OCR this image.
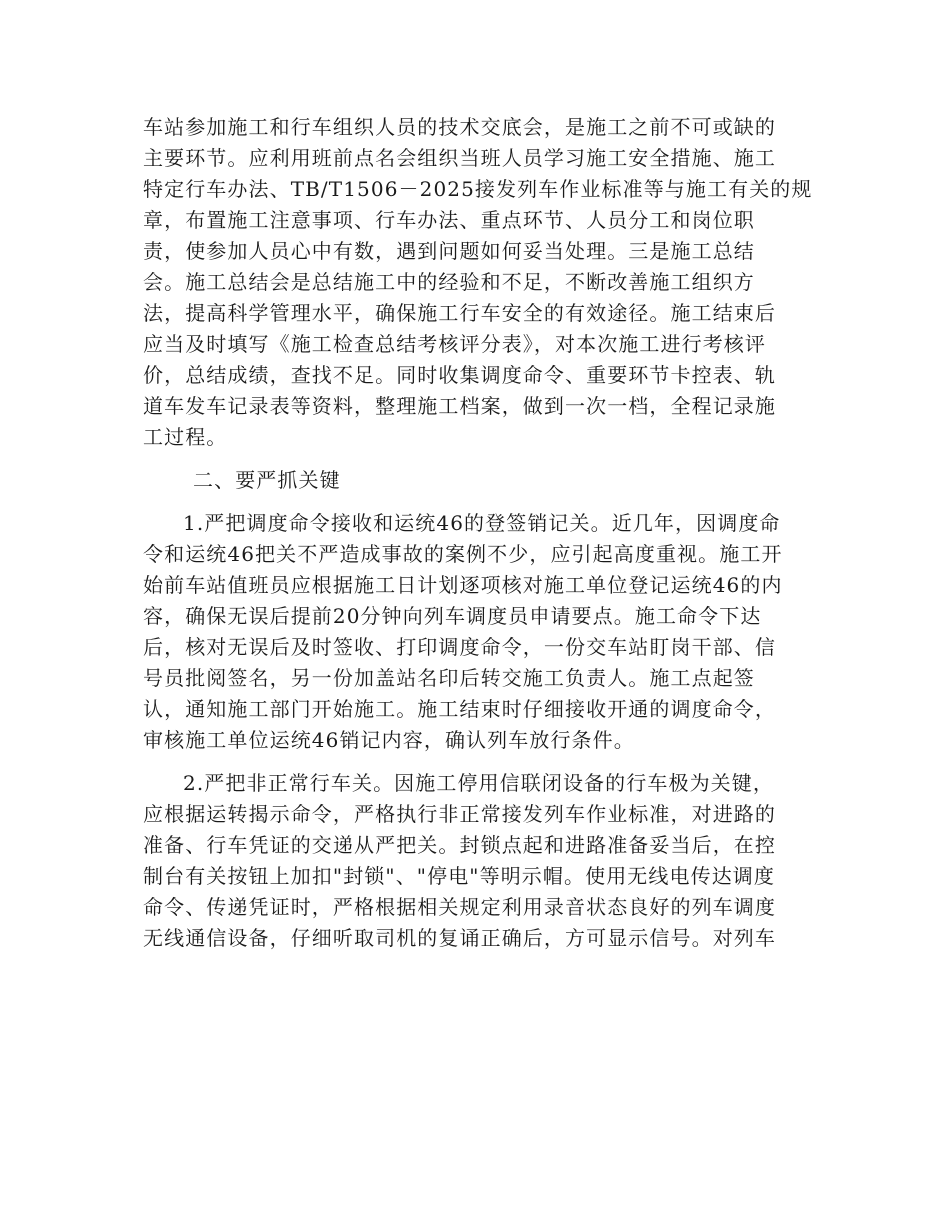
车站参加施工和行车组织人员的技术交底会，是施工之前不可或缺的
主要环节。应利用班前点名会组织当班人员学习施工安全措施、施工
特定行车办法、TB/T1506－2025接发列车作业标准等与施工有关的规
章，布置施工注意事项、行车办法、重点环节、人员分工和岗位职
责，使参加人员心中有数，遇到问题如何妥当处理。三是施工总结
会。施工总结会是总结施工中的经验和不足，不断改善施工组织方
法，提高科学管理水平，确保施工行车安全的有效途径。施工结束后
应当及时填写《施工检查总结考核评分表》，对本次施工进行考核评
价，总结成绩，查找不足。同时收集调度命令、重要环节卡控表、轨
道车发车记录表等资料，整理施工档案，做到一次一档，全程记录施
工过程。
二、要严抓关键
1.严把调度命令接收和运统46的登签销记关。近几年，因调度命
令和运统46把关不严造成事故的案例不少，应引起高度重视。施工开
始前车站值班员应根据施工日计划逐项核对施工单位登记运统46的内
容，确保无误后提前20分钟向列车调度员申请要点。施工命令下达
后，核对无误后及时签收、打印调度命令，一份交车站盯岗干部、信
号员批阅签名，另一份加盖站名印后转交施工负责人。施工点起签
认，通知施工部门开始施工。施工结束时仔细接收开通的调度命令，
审核施工单位运统46销记内容，确认列车放行条件。
2.严把非正常行车关。因施工停用信联闭设备的行车极为关键，
应根据运转揭示命令，严格执行非正常接发列车作业标准，对进路的
准备、行车凭证的交递从严把关。封锁点起和进路准备妥当后，在控
制台有关按钮上加扣"封锁"、"停电"等明示帽。使用无线电传达调度
命令、传递凭证时，严格根据相关规定利用录音状态良好的列车调度
无线通信设备，仔细听取司机的复诵正确后，方可显示信号。对列车
